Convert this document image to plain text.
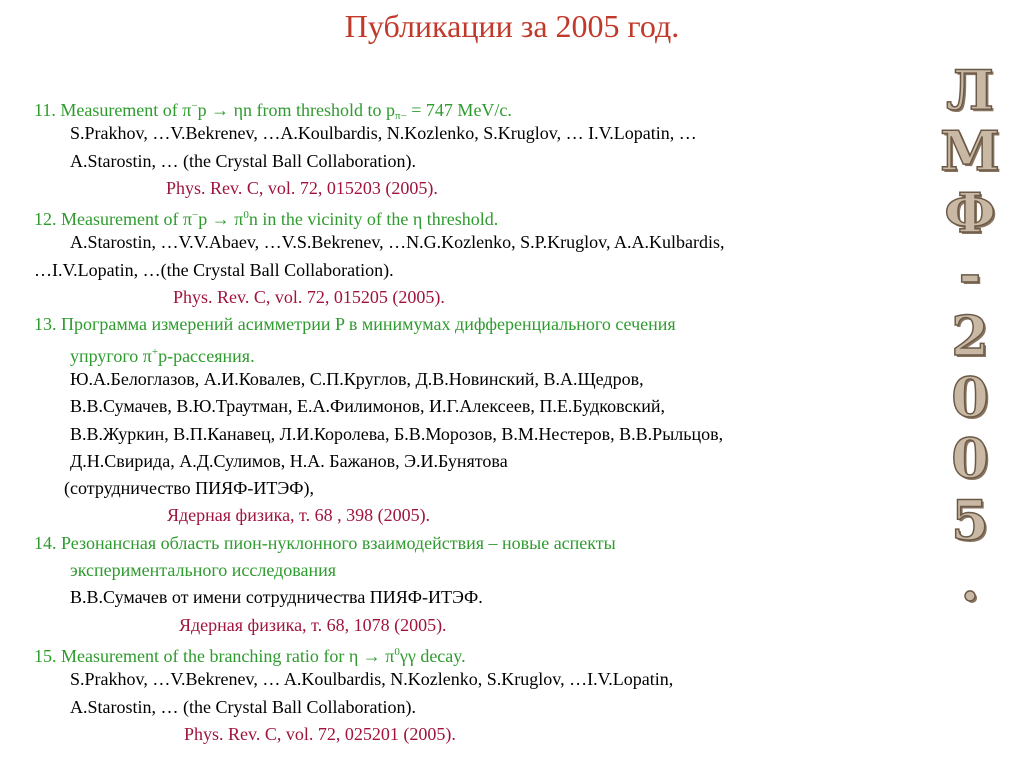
Публикации за 2005 год.
11. Measurement of π−p → ηn from threshold to $p_{\pi-} = 747$ MeV/c.
S.Prakhov, …V.Bekrenev, …A.Koulbardis, N.Kozlenko, S.Kruglov, … I.V.Lopatin, …
A.Starostin, … (the Crystal Ball Collaboration).
Phys. Rev. C, vol. 72, 015203 (2005).
12. Measurement of $\pi^-p \to \pi^0n$ in the vicinity of the η threshold.
A.Starostin, …V.V.Abaev, …V.S.Bekrenev, …N.G.Kozlenko, S.P.Kruglov, A.A.Kulbardis,
…I.V.Lopatin, …(the Crystal Ball Collaboration).
Phys. Rev. C, vol. 72, 015205 (2005).
13. Программа измерений асимметрии P в минимумах дифференциального сечения
упругого π+p-рассеяния.
Ю.А.Белоглазов, А.И.Ковалев, С.П.Круглов, Д.В.Новинский, В.А.Щедров,
В.В.Сумачев, В.Ю.Траутман, Е.А.Филимонов, И.Г.Алексеев, П.Е.Будковский,
В.В.Журкин, В.П.Канавец, Л.И.Королева, Б.В.Морозов, В.М.Нестеров, В.В.Рыльцов,
Д.Н.Свирида, А.Д.Сулимов, Н.А. Бажанов, Э.И.Бунятова
(сотрудничество ПИЯФ-ИТЭФ),
Ядерная физика, т. 68 , 398 (2005).
14. Резонансная область пион-нуклонного взаимодействия – новые аспекты
экспериментального исследования
В.В.Сумачев от имени сотрудничества ПИЯФ-ИТЭФ.
Ядерная физика, т. 68, 1078 (2005).
15. Measurement of the branching ratio for $\eta \to \pi^0\gamma\gamma$ decay.
S.Prakhov, …V.Bekrenev, … A.Koulbardis, N.Kozlenko, S.Kruglov, …I.V.Lopatin,
A.Starostin, … (the Crystal Ball Collaboration).
Phys. Rev. C, vol. 72, 025201 (2005).
Л
М
Ф
-
2
0
0
5
.
